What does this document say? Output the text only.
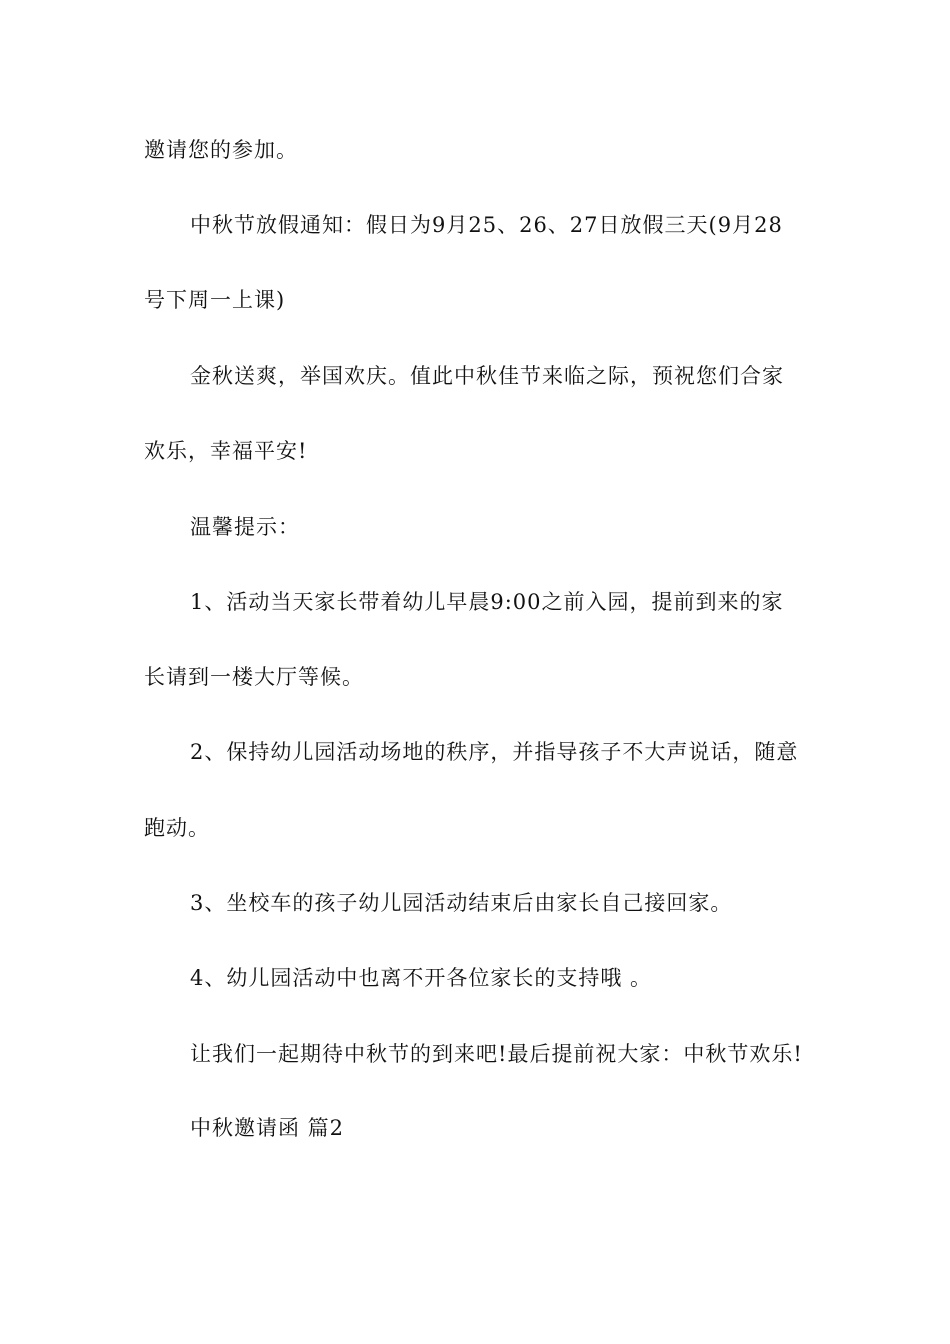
邀请您的参加。
中秋节放假通知：假日为9月25、26、27日放假三天(9月28
号下周一上课)
金秋送爽，举国欢庆。值此中秋佳节来临之际，预祝您们合家
欢乐，幸福平安!
温馨提示：
1、活动当天家长带着幼儿早晨9:00之前入园，提前到来的家
长请到一楼大厅等候。
2、保持幼儿园活动场地的秩序，并指导孩子不大声说话，随意
跑动。
3、坐校车的孩子幼儿园活动结束后由家长自己接回家。
4、幼儿园活动中也离不开各位家长的支持哦 。
让我们一起期待中秋节的到来吧!最后提前祝大家：中秋节欢乐!
中秋邀请函 篇2
